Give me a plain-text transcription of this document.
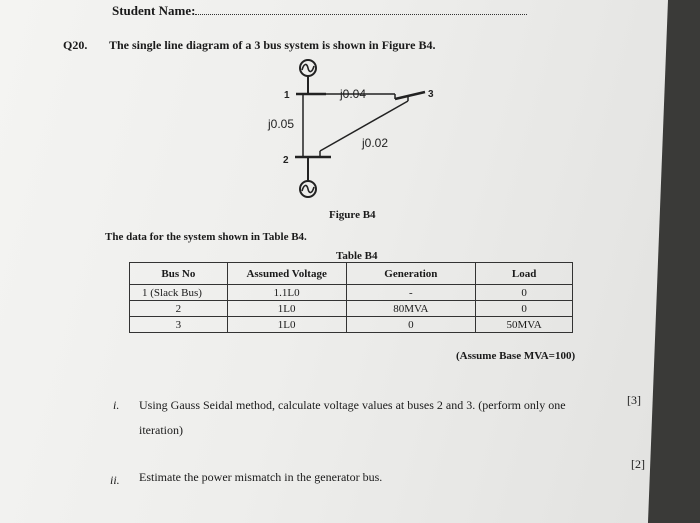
Student Name:
Q20. The single line diagram of a 3 bus system is shown in Figure B4.
1
2
3
j0.04
j0.05
j0.02
Figure B4
The data for the system shown in Table B4.
Table B4
Bus No	Assumed Voltage	Generation	Load
1 (Slack Bus)	1.1L0	-	0
2	1L0	80MVA	0
3	1L0	0	50MVA
(Assume Base MVA=100)
i. Using Gauss Seidal method, calculate voltage values at buses 2 and 3. (perform only one
iteration)
[3]
ii. Estimate the power mismatch in the generator bus.
[2]
